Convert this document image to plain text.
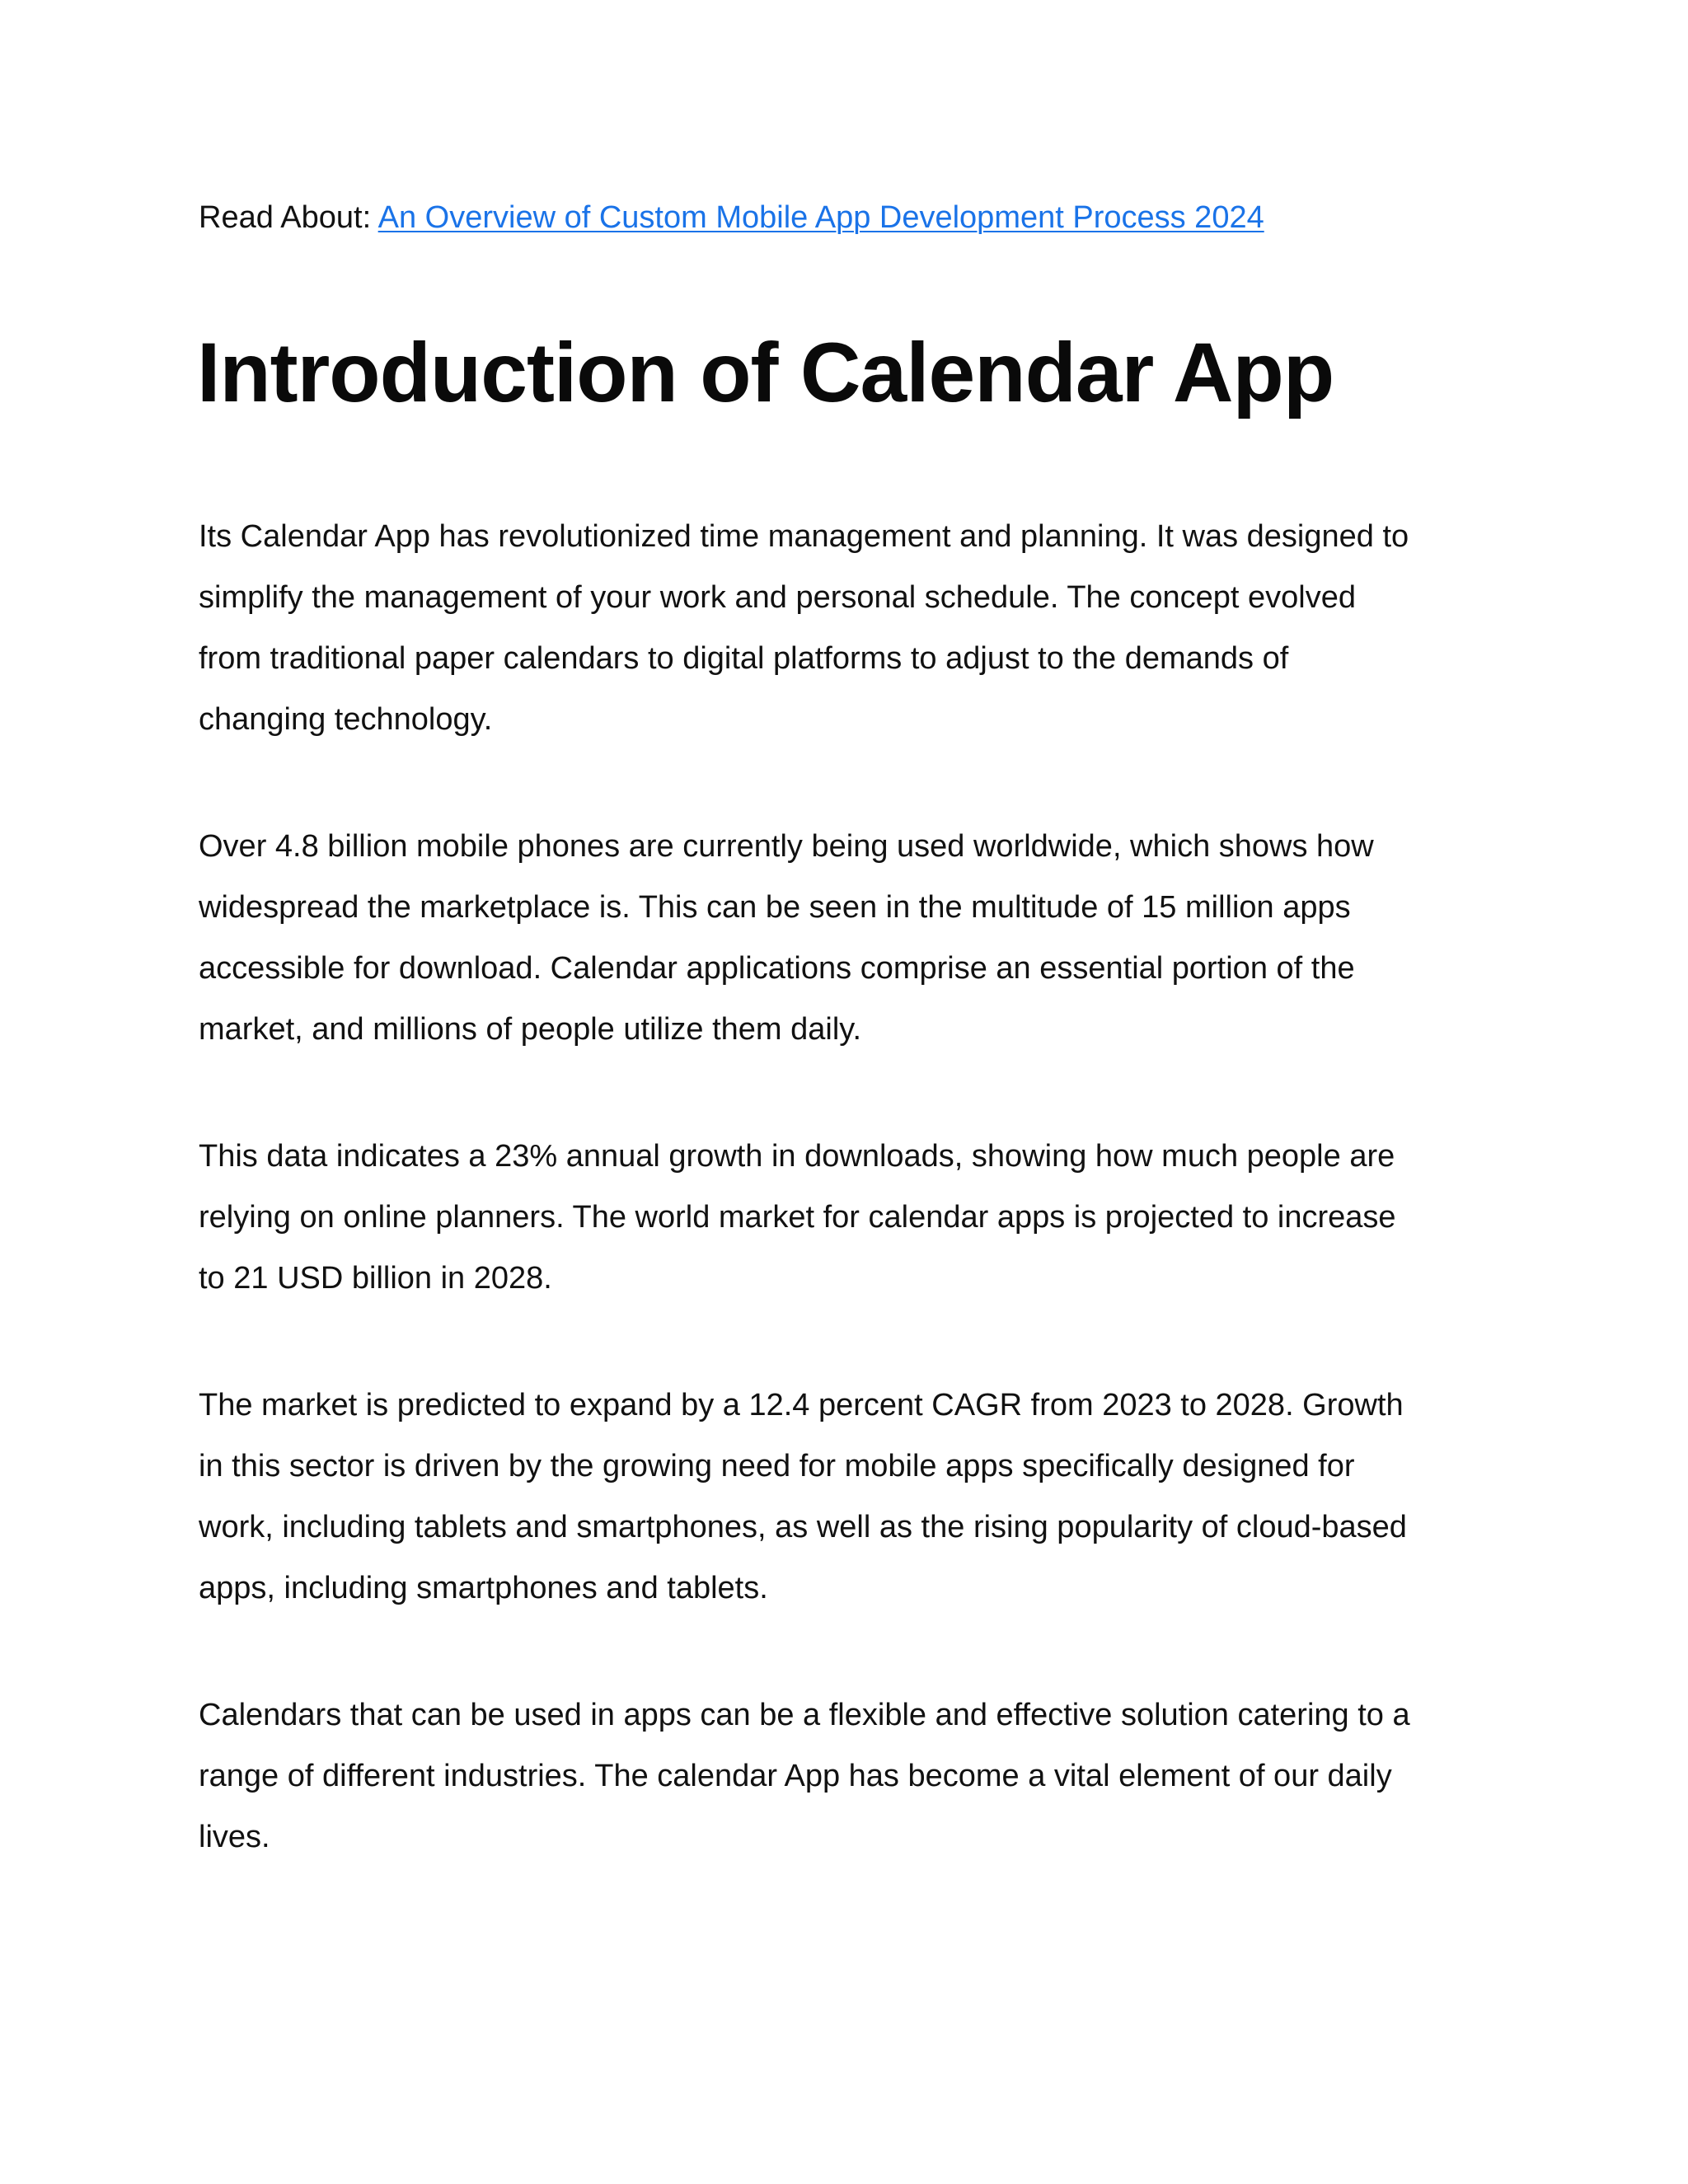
Read About: An Overview of Custom Mobile App Development Process 2024
Introduction of Calendar App

Its Calendar App has revolutionized time management and planning. It was designed to
simplify the management of your work and personal schedule. The concept evolved
from traditional paper calendars to digital platforms to adjust to the demands of
changing technology.

Over 4.8 billion mobile phones are currently being used worldwide, which shows how
widespread the marketplace is. This can be seen in the multitude of 15 million apps
accessible for download. Calendar applications comprise an essential portion of the
market, and millions of people utilize them daily.

This data indicates a 23% annual growth in downloads, showing how much people are
relying on online planners. The world market for calendar apps is projected to increase
to 21 USD billion in 2028.

The market is predicted to expand by a 12.4 percent CAGR from 2023 to 2028. Growth
in this sector is driven by the growing need for mobile apps specifically designed for
work, including tablets and smartphones, as well as the rising popularity of cloud-based
apps, including smartphones and tablets.

Calendars that can be used in apps can be a flexible and effective solution catering to a
range of different industries. The calendar App has become a vital element of our daily
lives.
